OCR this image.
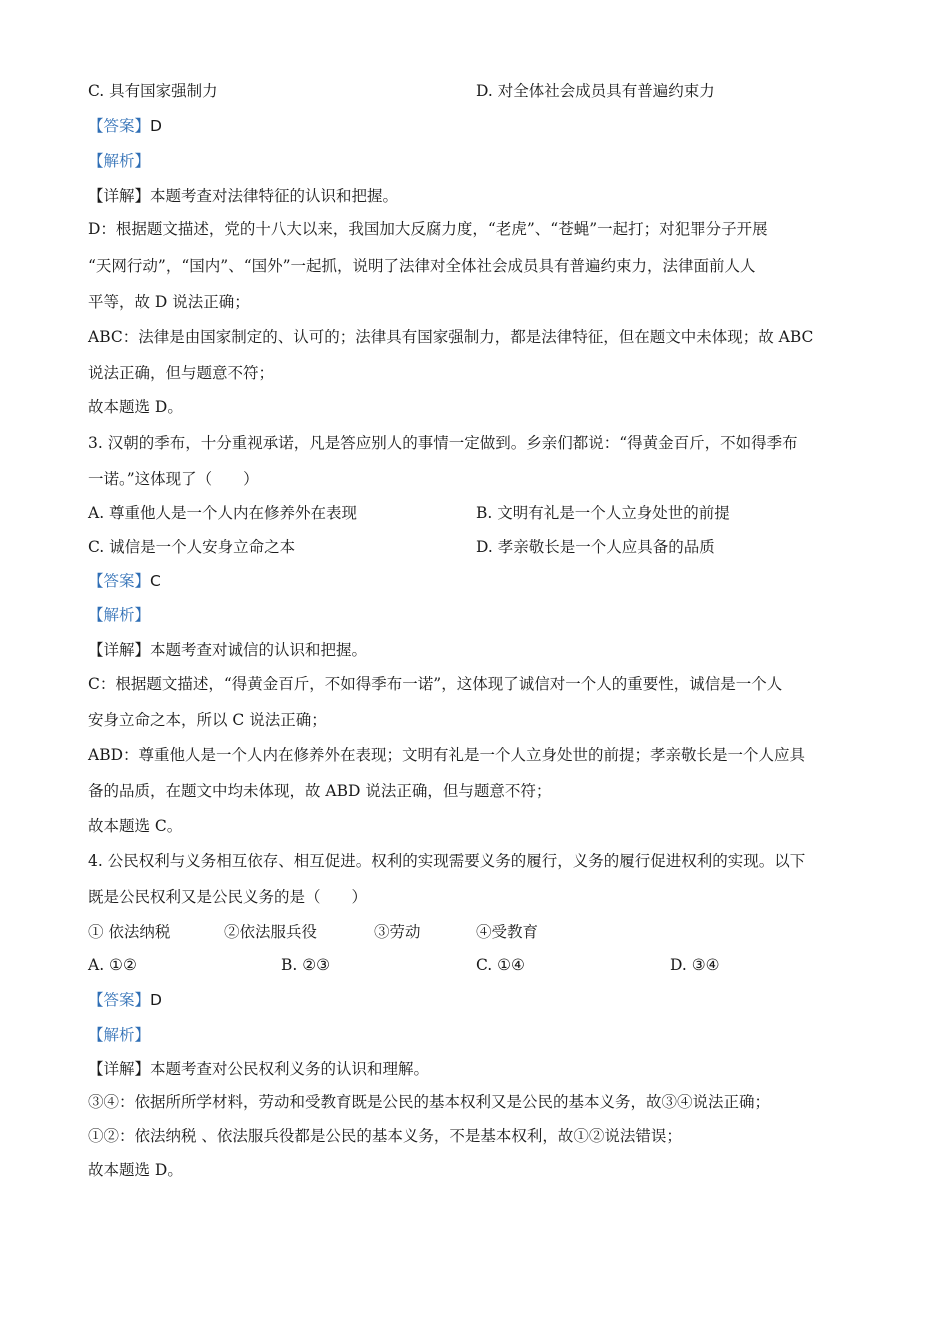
C. 具有国家强制力	D. 对全体社会成员具有普遍约束力
【答案】D
【解析】
【详解】本题考查对法律特征的认识和把握。
D：根据题文描述，党的十八大以来，我国加大反腐力度，“老虎”、“苍蝇”一起打；对犯罪分子开展
“天网行动”，“国内”、“国外”一起抓，说明了法律对全体社会成员具有普遍约束力，法律面前人人
平等，故 D 说法正确；
ABC：法律是由国家制定的、认可的；法律具有国家强制力，都是法律特征，但在题文中未体现；故 ABC
说法正确，但与题意不符；
故本题选 D。
3. 汉朝的季布，十分重视承诺，凡是答应别人的事情一定做到。乡亲们都说：“得黄金百斤，不如得季布
一诺。”这体现了（　　）
A. 尊重他人是一个人内在修养外在表现	B. 文明有礼是一个人立身处世的前提
C. 诚信是一个人安身立命之本	D. 孝亲敬长是一个人应具备的品质
【答案】C
【解析】
【详解】本题考查对诚信的认识和把握。
C：根据题文描述，“得黄金百斤，不如得季布一诺”，这体现了诚信对一个人的重要性，诚信是一个人
安身立命之本，所以 C 说法正确；
ABD：尊重他人是一个人内在修养外在表现；文明有礼是一个人立身处世的前提；孝亲敬长是一个人应具
备的品质，在题文中均未体现，故 ABD 说法正确，但与题意不符；
故本题选 C。
4. 公民权利与义务相互依存、相互促进。权利的实现需要义务的履行，义务的履行促进权利的实现。以下
既是公民权利又是公民义务的是（　　）
① 依法纳税	②依法服兵役	③劳动	④受教育
A. ①②	B. ②③	C. ①④	D. ③④
【答案】D
【解析】
【详解】本题考查对公民权利义务的认识和理解。
③④：依据所所学材料，劳动和受教育既是公民的基本权利又是公民的基本义务，故③④说法正确；
①②：依法纳税 、依法服兵役都是公民的基本义务，不是基本权利，故①②说法错误；
故本题选 D。
